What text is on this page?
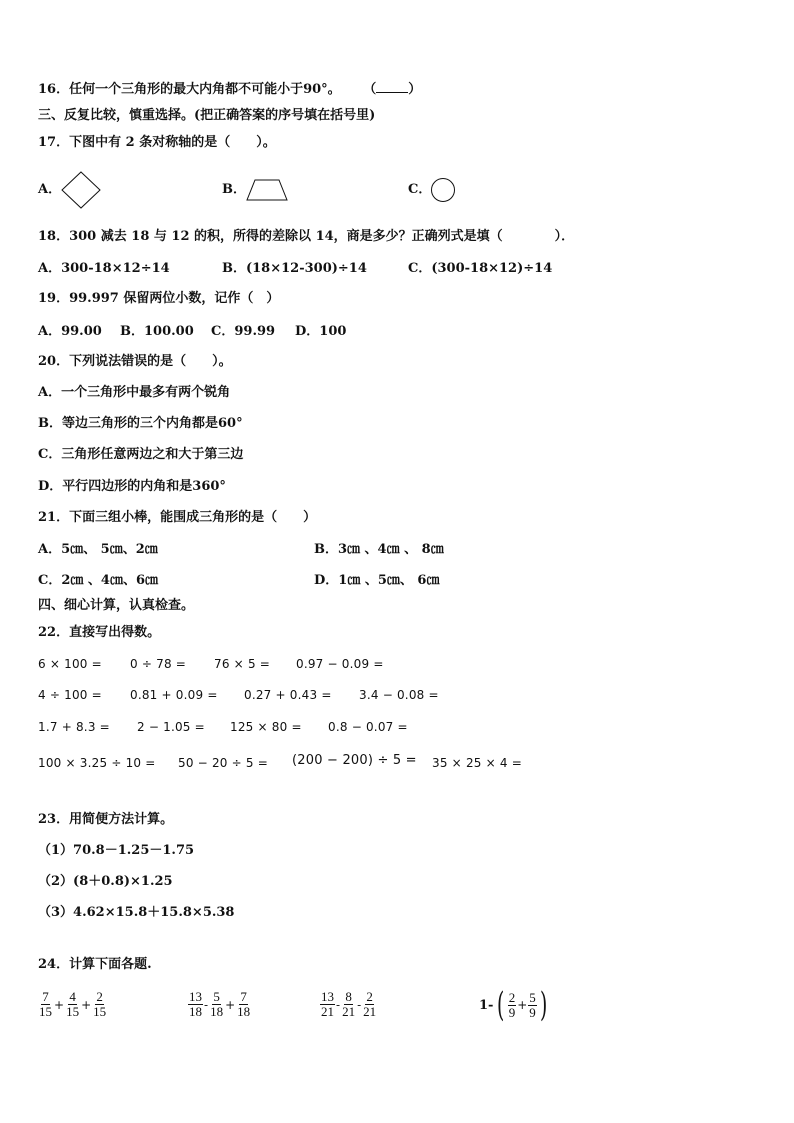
16．任何一个三角形的最大内角都不可能小于90°。 （ ）
三、反复比较，慎重选择。(把正确答案的序号填在括号里)
17．下图中有 2 条对称轴的是（　　）。
A．	B．	C．
18．300 减去 18 与 12 的积，所得的差除以 14，商是多少？正确列式是填（　　　　）．
A．300-18×12÷14	B．(18×12-300)÷14	C．(300-18×12)÷14
19．99.997 保留两位小数，记作（　）
A．99.00 B．100.00 C．99.99 D．100
20．下列说法错误的是（　　）。
A．一个三角形中最多有两个锐角
B．等边三角形的三个内角都是60°
C．三角形任意两边之和大于第三边
D．平行四边形的内角和是360°
21．下面三组小棒，能围成三角形的是（　　）
A．5㎝、 5㎝、2㎝	B．3㎝ 、4㎝ 、 8㎝
C．2㎝ 、4㎝、6㎝	D．1㎝ 、5㎝、 6㎝
四、细心计算，认真检查。
22．直接写出得数。
6 × 100 = 0 ÷ 78 = 76 × 5 = 0.97 − 0.09 =
4 ÷ 100 = 0.81 + 0.09 = 0.27 + 0.43 = 3.4 − 0.08 =
1.7 + 8.3 = 2 − 1.05 = 125 × 80 = 0.8 − 0.07 =
100 × 3.25 ÷ 10 = 50 − 20 ÷ 5 = (200 − 200) ÷ 5 = 35 × 25 × 4 =
23．用简便方法计算。
（1）70.8－1.25－1.75
（2）(8＋0.8)×1.25
（3）4.62×15.8＋15.8×5.38
24．计算下面各题.
$\frac{7}{15} + \frac{4}{15} + \frac{2}{15}$	$\frac{13}{18} - \frac{5}{18} + \frac{7}{18}$	$\frac{13}{21} - \frac{8}{21} - \frac{2}{21}$	1- ( $\frac{2}{9} + \frac{5}{9}$ )
